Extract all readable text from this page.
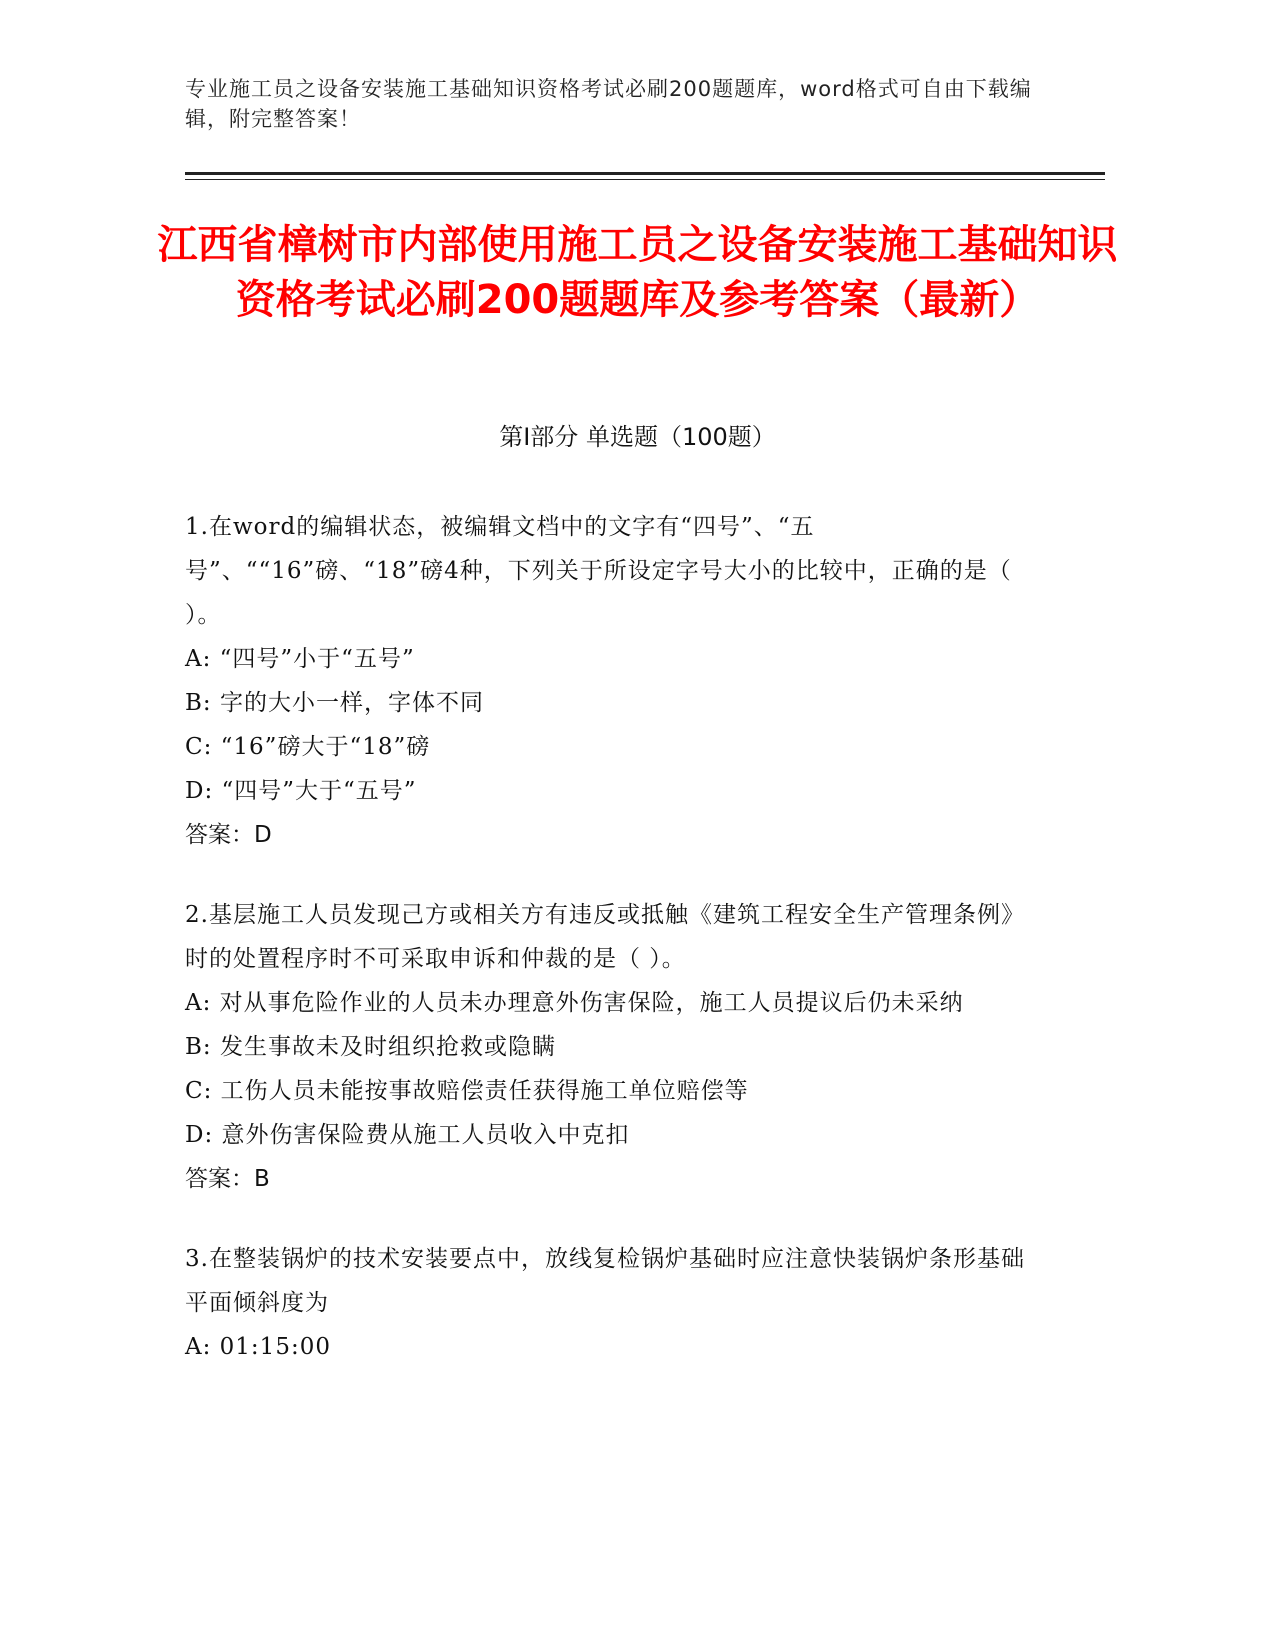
专业施工员之设备安装施工基础知识资格考试必刷200题题库，word格式可自由下载编辑，附完整答案！
江西省樟树市内部使用施工员之设备安装施工基础知识资格考试必刷200题题库及参考答案（最新）
第Ⅰ部分 单选题（100题）
1.在word的编辑状态，被编辑文档中的文字有“四号”、“五号”、““16”磅、“18”磅4种，下列关于所设定字号大小的比较中，正确的是（ ）。
A: “四号”小于“五号”
B: 字的大小一样，字体不同
C: “16”磅大于“18”磅
D: “四号”大于“五号”
答案：D
2.基层施工人员发现己方或相关方有违反或抵触《建筑工程安全生产管理条例》时的处置程序时不可采取申诉和仲裁的是（ ）。
A: 对从事危险作业的人员未办理意外伤害保险，施工人员提议后仍未采纳
B: 发生事故未及时组织抢救或隐瞒
C: 工伤人员未能按事故赔偿责任获得施工单位赔偿等
D: 意外伤害保险费从施工人员收入中克扣
答案：B
3.在整装锅炉的技术安装要点中，放线复检锅炉基础时应注意快装锅炉条形基础平面倾斜度为
A: 01:15:00
